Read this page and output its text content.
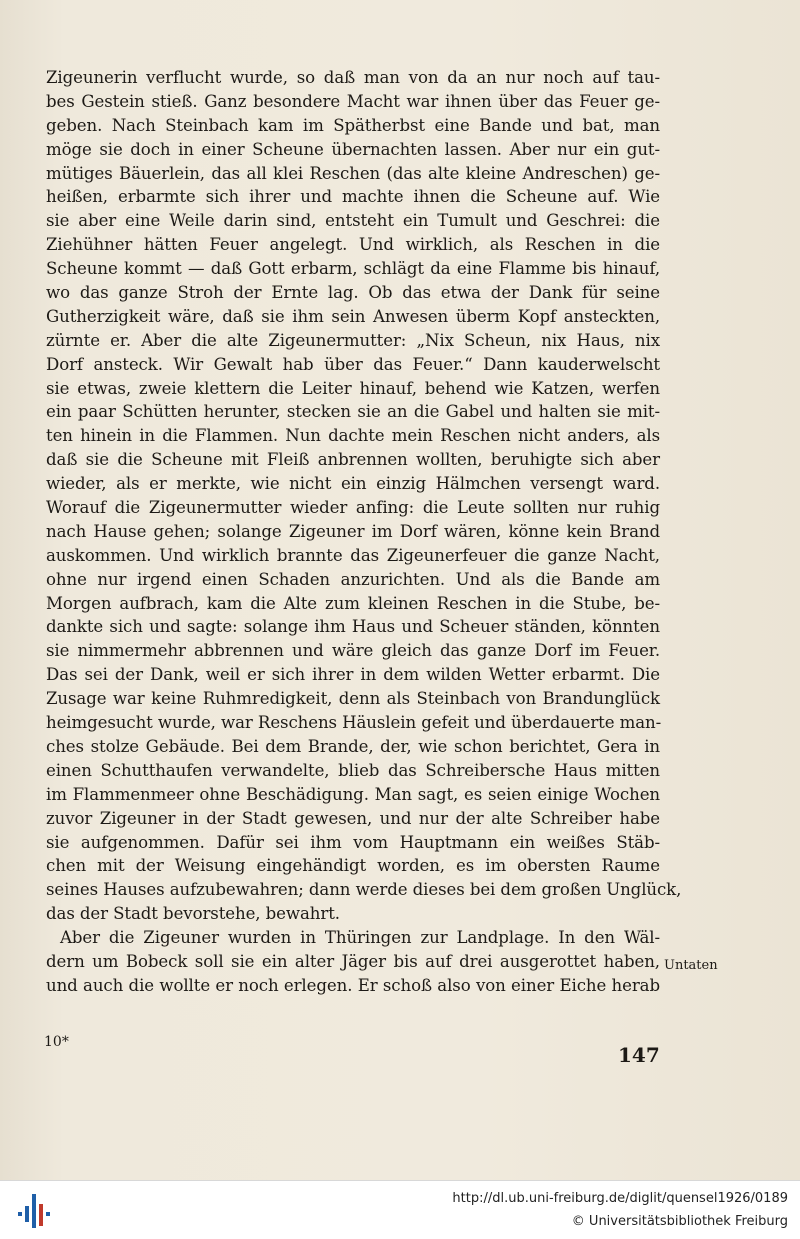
Zigeunerin verflucht wurde, so daß man von da an nur noch auf tau-
bes Gestein stieß. Ganz besondere Macht war ihnen über das Feuer ge-
geben. Nach Steinbach kam im Spätherbst eine Bande und bat, man
möge sie doch in einer Scheune übernachten lassen. Aber nur ein gut-
mütiges Bäuerlein, das all klei Reschen (das alte kleine Andreschen) ge-
heißen, erbarmte sich ihrer und machte ihnen die Scheune auf. Wie
sie aber eine Weile darin sind, entsteht ein Tumult und Geschrei: die
Ziehühner hätten Feuer angelegt. Und wirklich, als Reschen in die
Scheune kommt — daß Gott erbarm, schlägt da eine Flamme bis hinauf,
wo das ganze Stroh der Ernte lag. Ob das etwa der Dank für seine
Gutherzigkeit wäre, daß sie ihm sein Anwesen überm Kopf ansteckten,
zürnte er. Aber die alte Zigeunermutter: „Nix Scheun, nix Haus, nix
Dorf ansteck. Wir Gewalt hab über das Feuer.“ Dann kauderwelscht
sie etwas, zweie klettern die Leiter hinauf, behend wie Katzen, werfen
ein paar Schütten herunter, stecken sie an die Gabel und halten sie mit-
ten hinein in die Flammen. Nun dachte mein Reschen nicht anders, als
daß sie die Scheune mit Fleiß anbrennen wollten, beruhigte sich aber
wieder, als er merkte, wie nicht ein einzig Hälmchen versengt ward.
Worauf die Zigeunermutter wieder anfing: die Leute sollten nur ruhig
nach Hause gehen; solange Zigeuner im Dorf wären, könne kein Brand
auskommen. Und wirklich brannte das Zigeunerfeuer die ganze Nacht,
ohne nur irgend einen Schaden anzurichten. Und als die Bande am
Morgen aufbrach, kam die Alte zum kleinen Reschen in die Stube, be-
dankte sich und sagte: solange ihm Haus und Scheuer ständen, könnten
sie nimmermehr abbrennen und wäre gleich das ganze Dorf im Feuer.
Das sei der Dank, weil er sich ihrer in dem wilden Wetter erbarmt. Die
Zusage war keine Ruhmredigkeit, denn als Steinbach von Brandunglück
heimgesucht wurde, war Reschens Häuslein gefeit und überdauerte man-
ches stolze Gebäude. Bei dem Brande, der, wie schon berichtet, Gera in
einen Schutthaufen verwandelte, blieb das Schreibersche Haus mitten
im Flammenmeer ohne Beschädigung. Man sagt, es seien einige Wochen
zuvor Zigeuner in der Stadt gewesen, und nur der alte Schreiber habe
sie aufgenommen. Dafür sei ihm vom Hauptmann ein weißes Stäb-
chen mit der Weisung eingehändigt worden, es im obersten Raume
seines Hauses aufzubewahren; dann werde dieses bei dem großen Unglück,
das der Stadt bevorstehe, bewahrt.
Aber die Zigeuner wurden in Thüringen zur Landplage. In den Wäl-
dern um Bobeck soll sie ein alter Jäger bis auf drei ausgerottet haben,
und auch die wollte er noch erlegen. Er schoß also von einer Eiche herab
Untaten
10*
147
http://dl.ub.uni-freiburg.de/diglit/quensel1926/0189
© Universitätsbibliothek Freiburg
